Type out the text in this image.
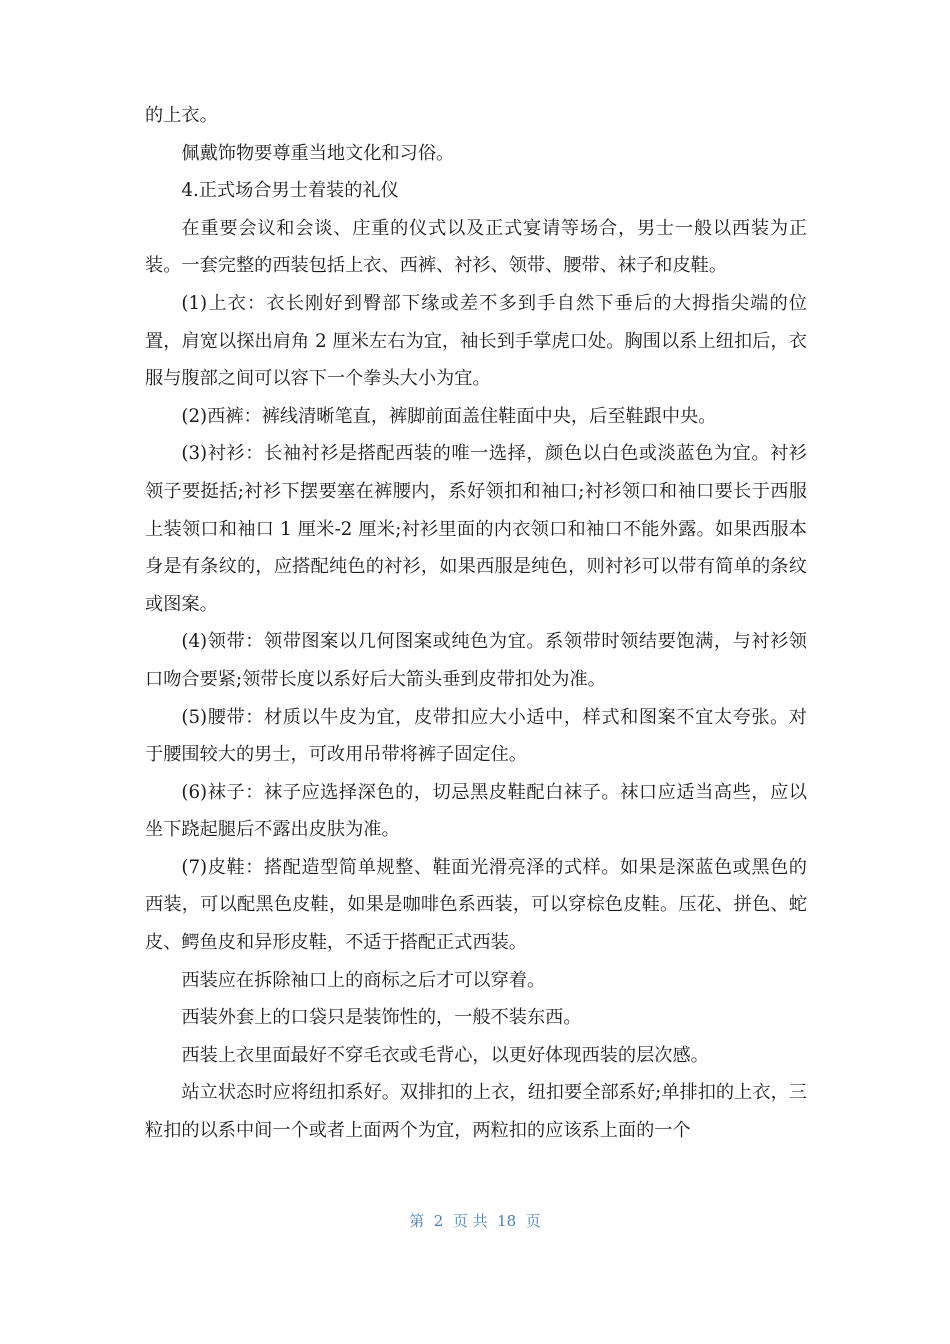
的上衣。

佩戴饰物要尊重当地文化和习俗。

4.正式场合男士着装的礼仪

在重要会议和会谈、庄重的仪式以及正式宴请等场合，男士一般以西装为正装。一套完整的西装包括上衣、西裤、衬衫、领带、腰带、袜子和皮鞋。

(1)上衣：衣长刚好到臀部下缘或差不多到手自然下垂后的大拇指尖端的位置，肩宽以探出肩角 2 厘米左右为宜，袖长到手掌虎口处。胸围以系上纽扣后，衣服与腹部之间可以容下一个拳头大小为宜。

(2)西裤：裤线清晰笔直，裤脚前面盖住鞋面中央，后至鞋跟中央。

(3)衬衫：长袖衬衫是搭配西装的唯一选择，颜色以白色或淡蓝色为宜。衬衫领子要挺括;衬衫下摆要塞在裤腰内，系好领扣和袖口;衬衫领口和袖口要长于西服上装领口和袖口 1 厘米-2 厘米;衬衫里面的内衣领口和袖口不能外露。如果西服本身是有条纹的，应搭配纯色的衬衫，如果西服是纯色，则衬衫可以带有简单的条纹或图案。

(4)领带：领带图案以几何图案或纯色为宜。系领带时领结要饱满，与衬衫领口吻合要紧;领带长度以系好后大箭头垂到皮带扣处为准。

(5)腰带：材质以牛皮为宜，皮带扣应大小适中，样式和图案不宜太夸张。对于腰围较大的男士，可改用吊带将裤子固定住。

(6)袜子：袜子应选择深色的，切忌黑皮鞋配白袜子。袜口应适当高些，应以坐下跷起腿后不露出皮肤为准。

(7)皮鞋：搭配造型简单规整、鞋面光滑亮泽的式样。如果是深蓝色或黑色的西装，可以配黑色皮鞋，如果是咖啡色系西装，可以穿棕色皮鞋。压花、拼色、蛇皮、鳄鱼皮和异形皮鞋，不适于搭配正式西装。

西装应在拆除袖口上的商标之后才可以穿着。

西装外套上的口袋只是装饰性的，一般不装东西。

西装上衣里面最好不穿毛衣或毛背心，以更好体现西装的层次感。

站立状态时应将纽扣系好。双排扣的上衣，纽扣要全部系好;单排扣的上衣，三粒扣的以系中间一个或者上面两个为宜，两粒扣的应该系上面的一个

第  2  页 共  18  页
